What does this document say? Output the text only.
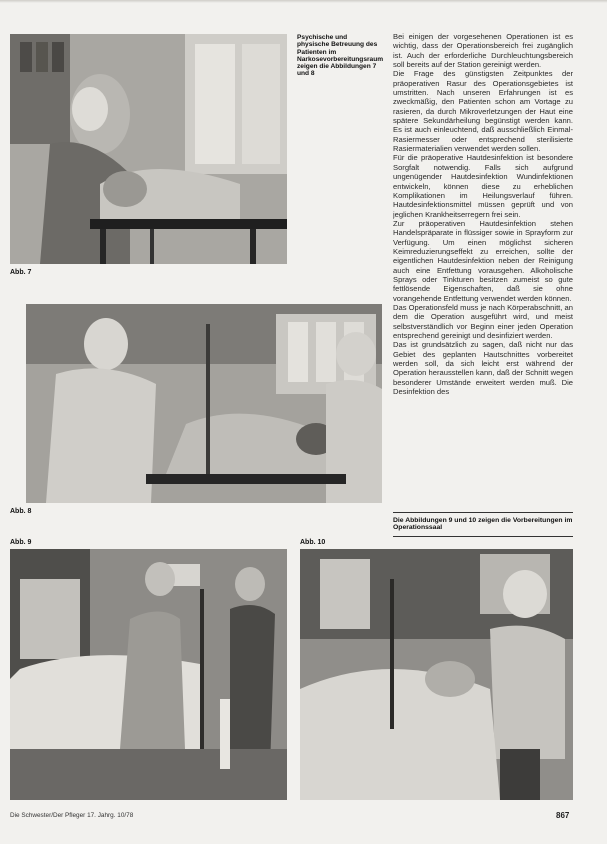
Abb. 7
Psychische und physische Betreuung des Patienten im Narkosevorbereitungsraum zeigen die Abbildungen 7 und 8

Bei einigen der vorgesehenen Operationen ist es wichtig, dass der Operationsbereich frei zugänglich ist. Auch der erforderliche Durchleuchtungsbereich soll bereits auf der Station gereinigt werden.

Die Frage des günstigsten Zeitpunktes der präoperativen Rasur des Operationsgebietes ist umstritten. Nach unseren Erfahrungen ist es zweckmäßig, den Patienten schon am Vortage zu rasieren, da durch Mikroverletzungen der Haut eine spätere Sekundärheilung begünstigt werden kann. Es ist auch einleuchtend, daß ausschließlich Einmal-Rasiermesser oder entsprechend sterilisierte Rasiermaterialien verwendet werden sollen.

Für die präoperative Hautdesinfektion ist besondere Sorgfalt notwendig. Falls sich aufgrund ungenügender Hautdesinfektion Wundinfektionen entwickeln, können diese zu erheblichen Komplikationen im Heilungsverlauf führen. Hautdesinfektionsmittel müssen geprüft und von jeglichen Krankheitserregern frei sein.

Zur präoperativen Hautdesinfektion stehen Handelspräparate in flüssiger sowie in Sprayform zur Verfügung. Um einen möglichst sicheren Keimreduzierungseffekt zu erreichen, sollte der eigentlichen Hautdesinfektion neben der Reinigung auch eine Entfettung vorausgehen. Alkoholische Sprays oder Tinkturen besitzen zumeist so gute fettlösende Eigenschaften, daß sie ohne vorangehende Entfettung verwendet werden können.

Das Operationsfeld muss je nach Körperabschnitt, an dem die Operation ausgeführt wird, und meist selbstverständlich vor Beginn einer jeden Operation entsprechend gereinigt und desinfiziert werden.

Das ist grundsätzlich zu sagen, daß nicht nur das Gebiet des geplanten Hautschnittes vorbereitet werden soll, da sich leicht erst während der Operation herausstellen kann, daß der Schnitt wegen besonderer Umstände erweitert werden muß. Die Desinfektion des

Abb. 8
Die Abbildungen 9 und 10 zeigen die Vorbereitungen im Operationssaal
Abb. 9	Abb. 10
Die Schwester/Der Pfleger 17. Jahrg. 10/78	867
